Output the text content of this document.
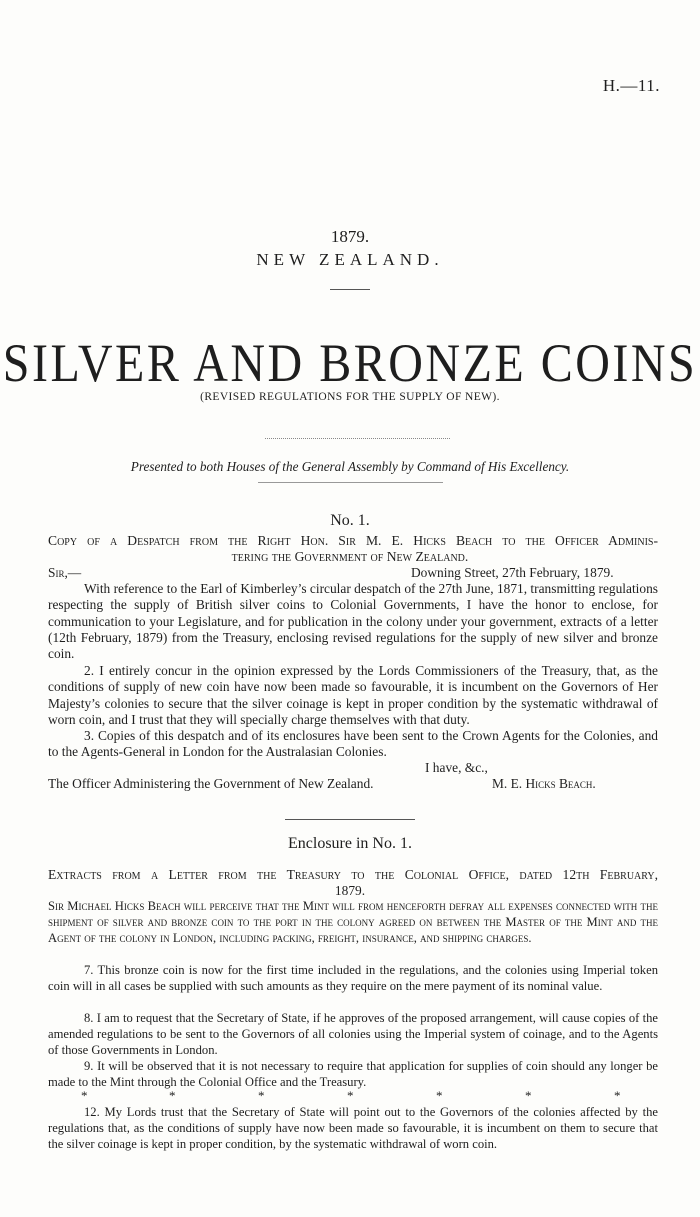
H.—11.
1879.
NEW ZEALAND.
SILVER AND BRONZE COINS
(REVISED REGULATIONS FOR THE SUPPLY OF NEW).
Presented to both Houses of the General Assembly by Command of His Excellency.
No. 1.
Copy of a Despatch from the Right Hon. Sir M. E. Hicks Beach to the Officer Adminis-
tering the Government of New Zealand.
Sir,—	Downing Street, 27th February, 1879.
With reference to the Earl of Kimberley’s circular despatch of the 27th June, 1871, transmitting regulations respecting the supply of British silver coins to Colonial Governments, I have the honor to enclose, for communication to your Legislature, and for publication in the colony under your government, extracts of a letter (12th February, 1879) from the Treasury, enclosing revised regulations for the supply of new silver and bronze coin.
2. I entirely concur in the opinion expressed by the Lords Commissioners of the Treasury, that, as the conditions of supply of new coin have now been made so favourable, it is incumbent on the Governors of Her Majesty’s colonies to secure that the silver coinage is kept in proper condition by the systematic withdrawal of worn coin, and I trust that they will specially charge themselves with that duty.
3. Copies of this despatch and of its enclosures have been sent to the Crown Agents for the Colonies, and to the Agents-General in London for the Australasian Colonies.
I have, &c.,
The Officer Administering the Government of New Zealand.	M. E. Hicks Beach.
Enclosure in No. 1.
Extracts from a Letter from the Treasury to the Colonial Office, dated 12th February,
1879.
Sir Michael Hicks Beach will perceive that the Mint will from henceforth defray all expenses connected with the shipment of silver and bronze coin to the port in the colony agreed on between the Master of the Mint and the Agent of the colony in London, including packing, freight, insurance, and shipping charges.
7. This bronze coin is now for the first time included in the regulations, and the colonies using Imperial token coin will in all cases be supplied with such amounts as they require on the mere payment of its nominal value.
8. I am to request that the Secretary of State, if he approves of the proposed arrangement, will cause copies of the amended regulations to be sent to the Governors of all colonies using the Imperial system of coinage, and to the Agents of those Governments in London.
9. It will be observed that it is not necessary to require that application for supplies of coin should any longer be made to the Mint through the Colonial Office and the Treasury.
*	*	*	*	*	*	*
12. My Lords trust that the Secretary of State will point out to the Governors of the colonies affected by the regulations that, as the conditions of supply have now been made so favourable, it is incumbent on them to secure that the silver coinage is kept in proper condition, by the systematic withdrawal of worn coin.
